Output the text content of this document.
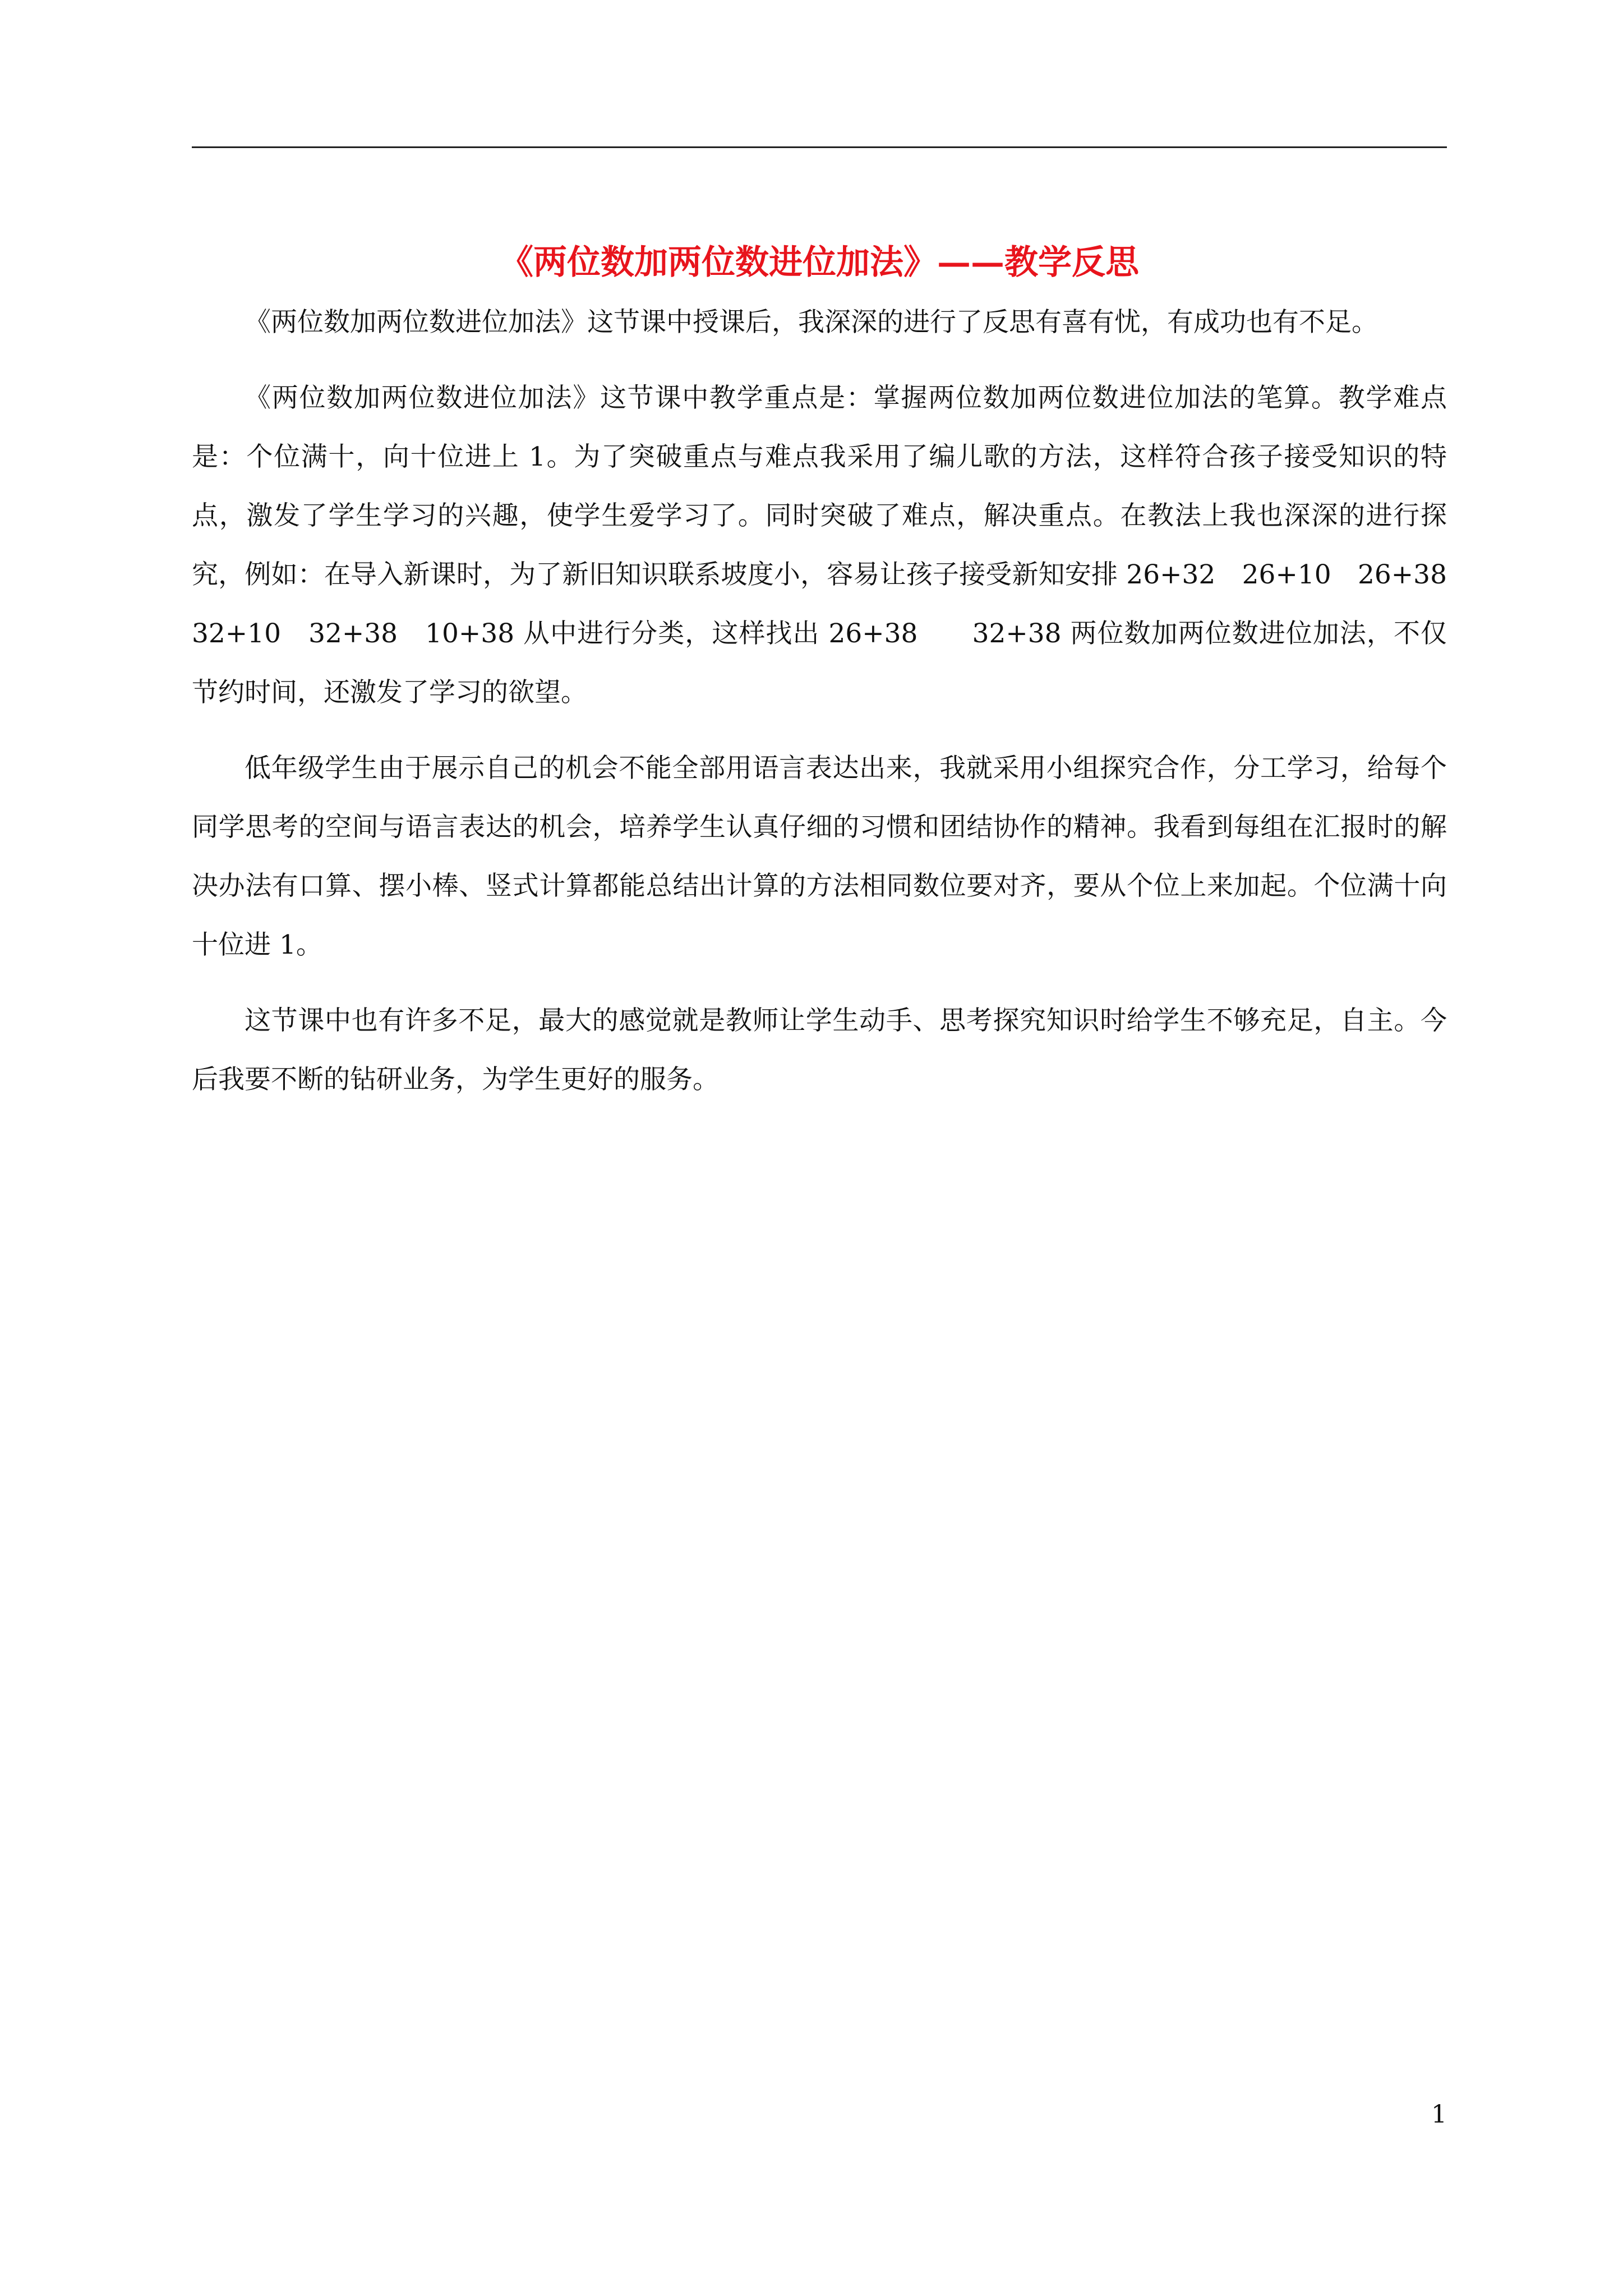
《两位数加两位数进位加法》——教学反思

《两位数加两位数进位加法》这节课中授课后，我深深的进行了反思有喜有忧，有成功也有不足。

《两位数加两位数进位加法》这节课中教学重点是：掌握两位数加两位数进位加法的笔算。教学难点是：个位满十，向十位进上 1。为了突破重点与难点我采用了编儿歌的方法，这样符合孩子接受知识的特点，激发了学生学习的兴趣，使学生爱学习了。同时突破了难点，解决重点。在教法上我也深深的进行探究，例如：在导入新课时，为了新旧知识联系坡度小，容易让孩子接受新知安排 26+32　26+10　26+38　32+10　32+38　10+38 从中进行分类，这样找出 26+38　　32+38 两位数加两位数进位加法，不仅节约时间，还激发了学习的欲望。

低年级学生由于展示自己的机会不能全部用语言表达出来，我就采用小组探究合作，分工学习，给每个同学思考的空间与语言表达的机会，培养学生认真仔细的习惯和团结协作的精神。我看到每组在汇报时的解决办法有口算、摆小棒、竖式计算都能总结出计算的方法相同数位要对齐，要从个位上来加起。个位满十向十位进 1。

这节课中也有许多不足，最大的感觉就是教师让学生动手、思考探究知识时给学生不够充足，自主。今后我要不断的钻研业务，为学生更好的服务。

1
